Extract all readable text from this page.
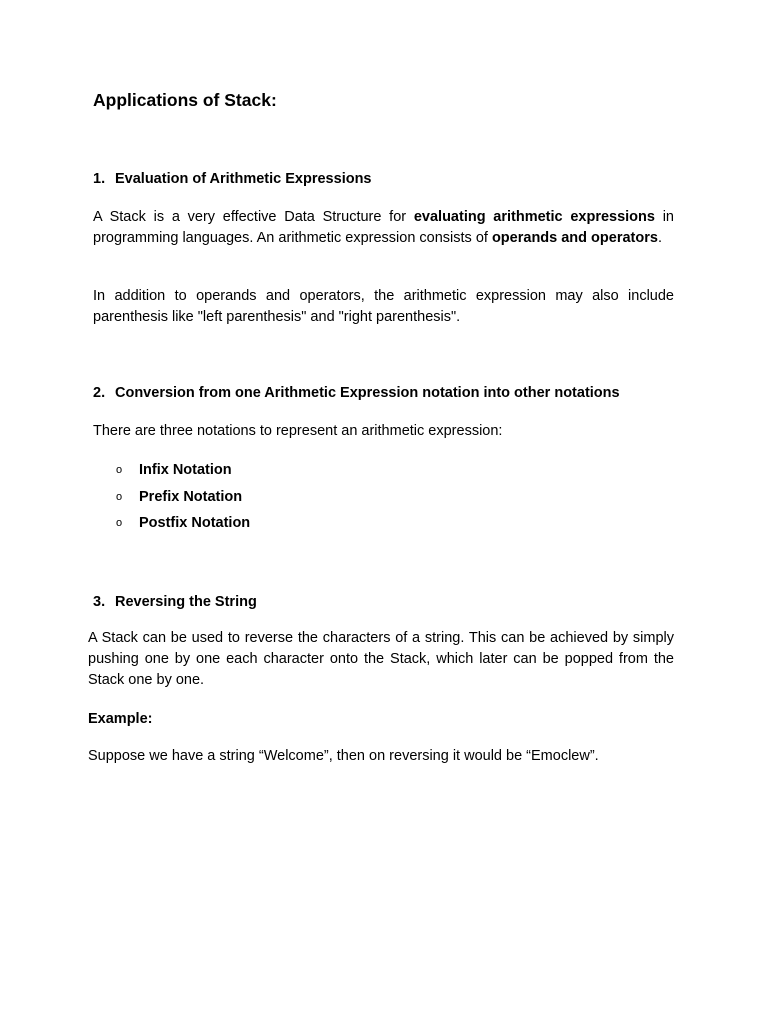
Applications of Stack:
1. Evaluation of Arithmetic Expressions

A Stack is a very effective Data Structure for evaluating arithmetic expressions in programming languages. An arithmetic expression consists of operands and operators.

In addition to operands and operators, the arithmetic expression may also include parenthesis like "left parenthesis" and "right parenthesis".

2. Conversion from one Arithmetic Expression notation into other notations

There are three notations to represent an arithmetic expression:

o Infix Notation
o Prefix Notation
o Postfix Notation
3. Reversing the String

A Stack can be used to reverse the characters of a string. This can be achieved by simply pushing one by one each character onto the Stack, which later can be popped from the Stack one by one.

Example:

Suppose we have a string “Welcome”, then on reversing it would be “Emoclew”.
